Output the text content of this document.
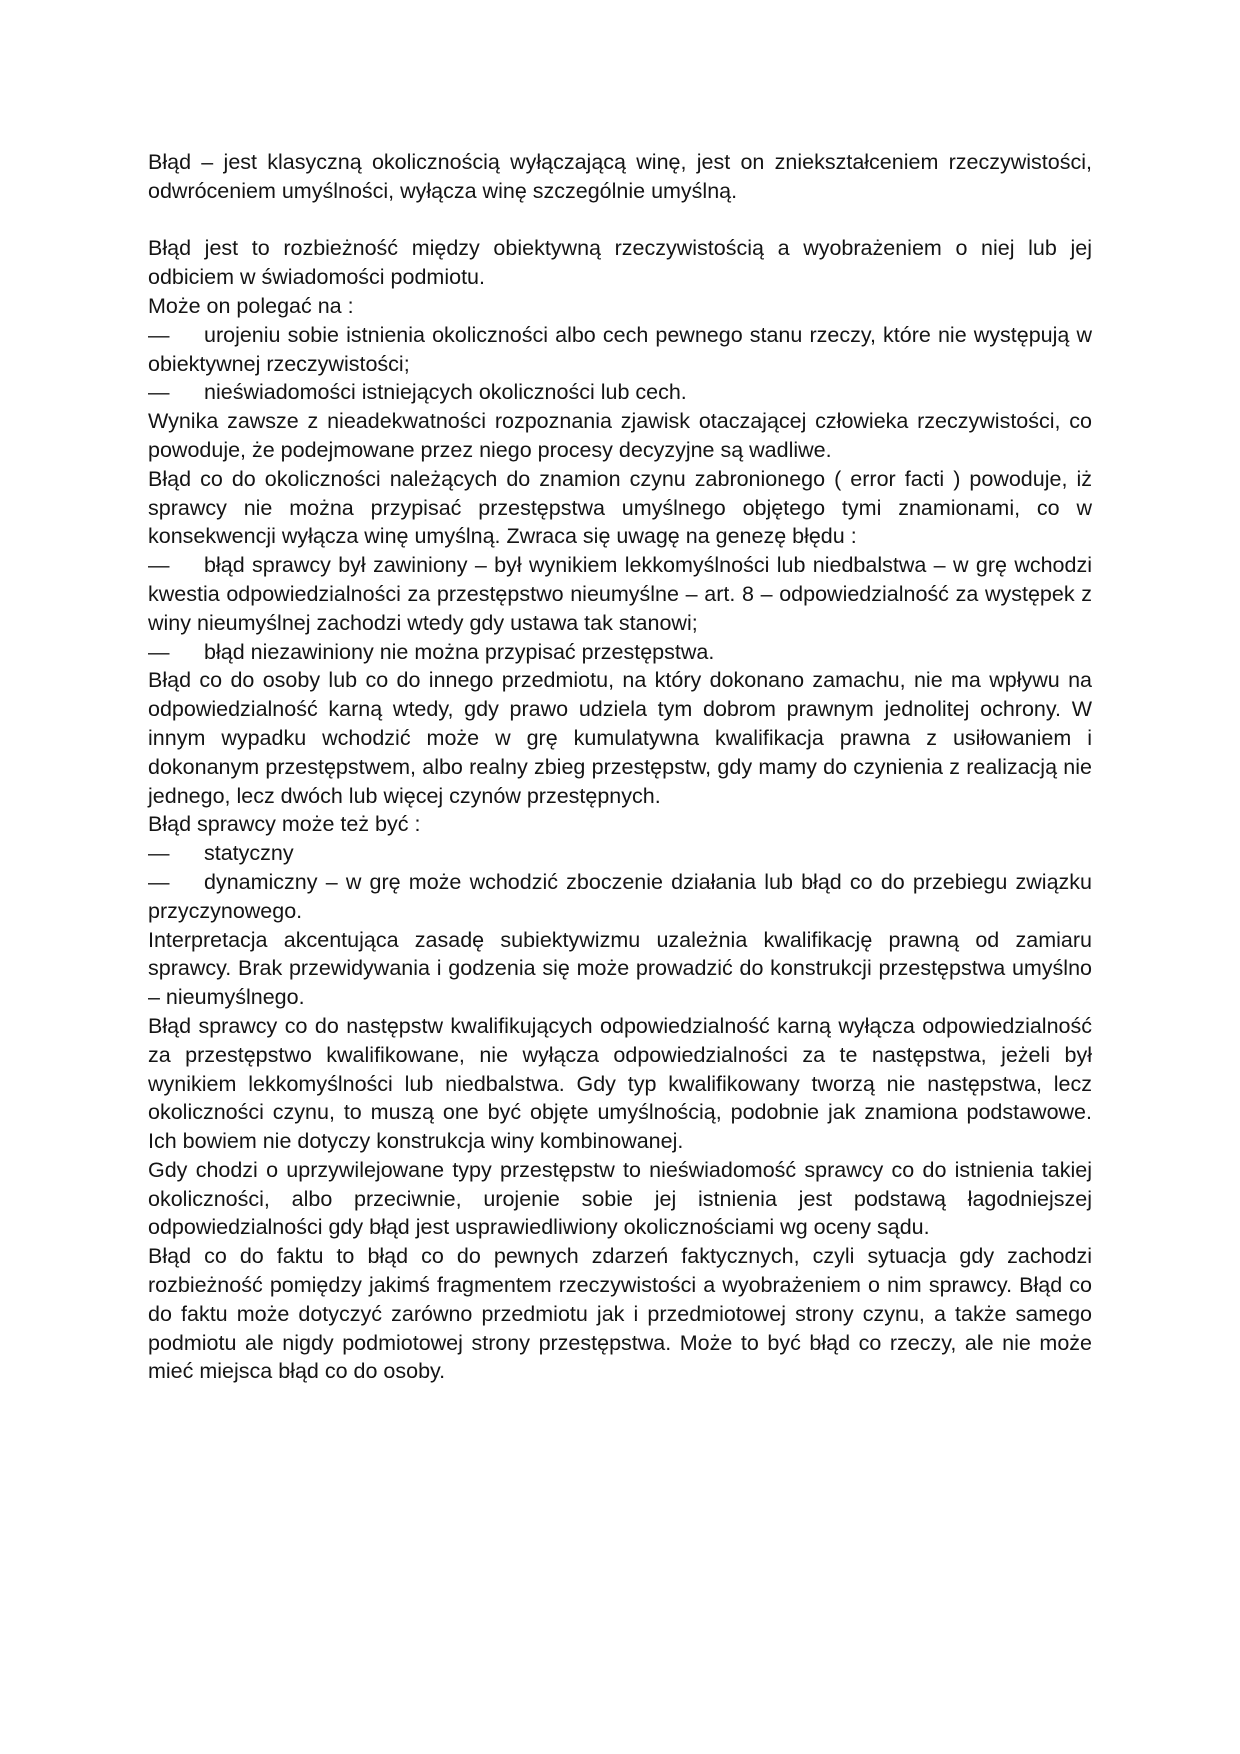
Błąd – jest klasyczną okolicznością wyłączającą winę, jest on zniekształceniem rzeczywistości, odwróceniem umyślności, wyłącza winę szczególnie umyślną.

Błąd jest to rozbieżność między obiektywną rzeczywistością a wyobrażeniem o niej lub jej odbiciem w świadomości podmiotu.

Może on polegać na :

— urojeniu sobie istnienia okoliczności albo cech pewnego stanu rzeczy, które nie występują w obiektywnej rzeczywistości;

— nieświadomości istniejących okoliczności lub cech.

Wynika zawsze z nieadekwatności rozpoznania zjawisk otaczającej człowieka rzeczywistości, co powoduje, że podejmowane przez niego procesy decyzyjne są wadliwe.

Błąd co do okoliczności należących do znamion czynu zabronionego ( error facti ) powoduje, iż sprawcy nie można przypisać przestępstwa umyślnego objętego tymi znamionami, co w konsekwencji wyłącza winę umyślną. Zwraca się uwagę na genezę błędu :

— błąd sprawcy był zawiniony – był wynikiem lekkomyślności lub niedbalstwa – w grę wchodzi kwestia odpowiedzialności za przestępstwo nieumyślne – art. 8 – odpowiedzialność za występek z winy nieumyślnej zachodzi wtedy gdy ustawa tak stanowi;

— błąd niezawiniony nie można przypisać przestępstwa.

Błąd co do osoby lub co do innego przedmiotu, na który dokonano zamachu, nie ma wpływu na odpowiedzialność karną wtedy, gdy prawo udziela tym dobrom prawnym jednolitej ochrony. W innym wypadku wchodzić może w grę kumulatywna kwalifikacja prawna z usiłowaniem i dokonanym przestępstwem, albo realny zbieg przestępstw, gdy mamy do czynienia z realizacją nie jednego, lecz dwóch lub więcej czynów przestępnych.

Błąd sprawcy może też być :

— statyczny

— dynamiczny – w grę może wchodzić zboczenie działania lub błąd co do przebiegu związku przyczynowego.

Interpretacja akcentująca zasadę subiektywizmu uzależnia kwalifikację prawną od zamiaru sprawcy. Brak przewidywania i godzenia się może prowadzić do konstrukcji przestępstwa umyślno – nieumyślnego.

Błąd sprawcy co do następstw kwalifikujących odpowiedzialność karną wyłącza odpowiedzialność za przestępstwo kwalifikowane, nie wyłącza odpowiedzialności za te następstwa, jeżeli był wynikiem lekkomyślności lub niedbalstwa. Gdy typ kwalifikowany tworzą nie następstwa, lecz okoliczności czynu, to muszą one być objęte umyślnością, podobnie jak znamiona podstawowe. Ich bowiem nie dotyczy konstrukcja winy kombinowanej.

Gdy chodzi o uprzywilejowane typy przestępstw to nieświadomość sprawcy co do istnienia takiej okoliczności, albo przeciwnie, urojenie sobie jej istnienia jest podstawą łagodniejszej odpowiedzialności gdy błąd jest usprawiedliwiony okolicznościami wg oceny sądu.

Błąd co do faktu to błąd co do pewnych zdarzeń faktycznych, czyli sytuacja gdy zachodzi rozbieżność pomiędzy jakimś fragmentem rzeczywistości a wyobrażeniem o nim sprawcy. Błąd co do faktu może dotyczyć zarówno przedmiotu jak i przedmiotowej strony czynu, a także samego podmiotu ale nigdy podmiotowej strony przestępstwa. Może to być błąd co rzeczy, ale nie może mieć miejsca błąd co do osoby.
